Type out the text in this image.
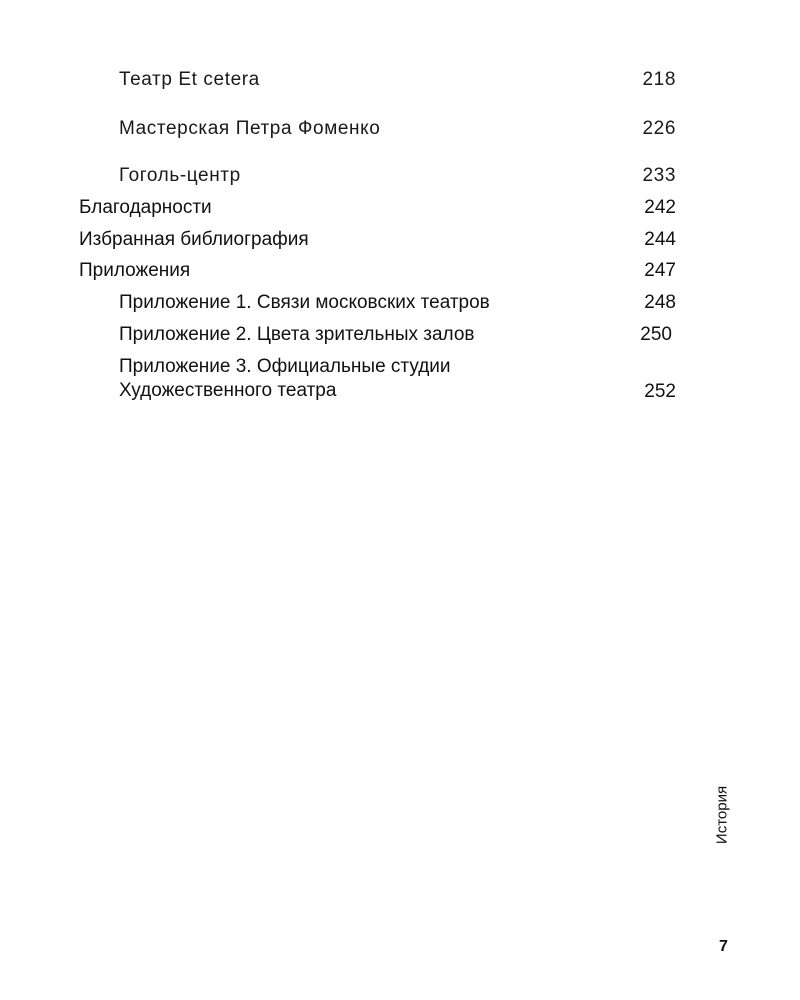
Театр Et cetera	218
Мастерская Петра Фоменко	226
Гоголь-центр	233
Благодарности	242
Избранная библиография	244
Приложения	247
Приложение 1. Связи московских театров	248
Приложение 2. Цвета зрительных залов	250
Приложение 3. Официальные студии
Художественного театра	252
История
7
